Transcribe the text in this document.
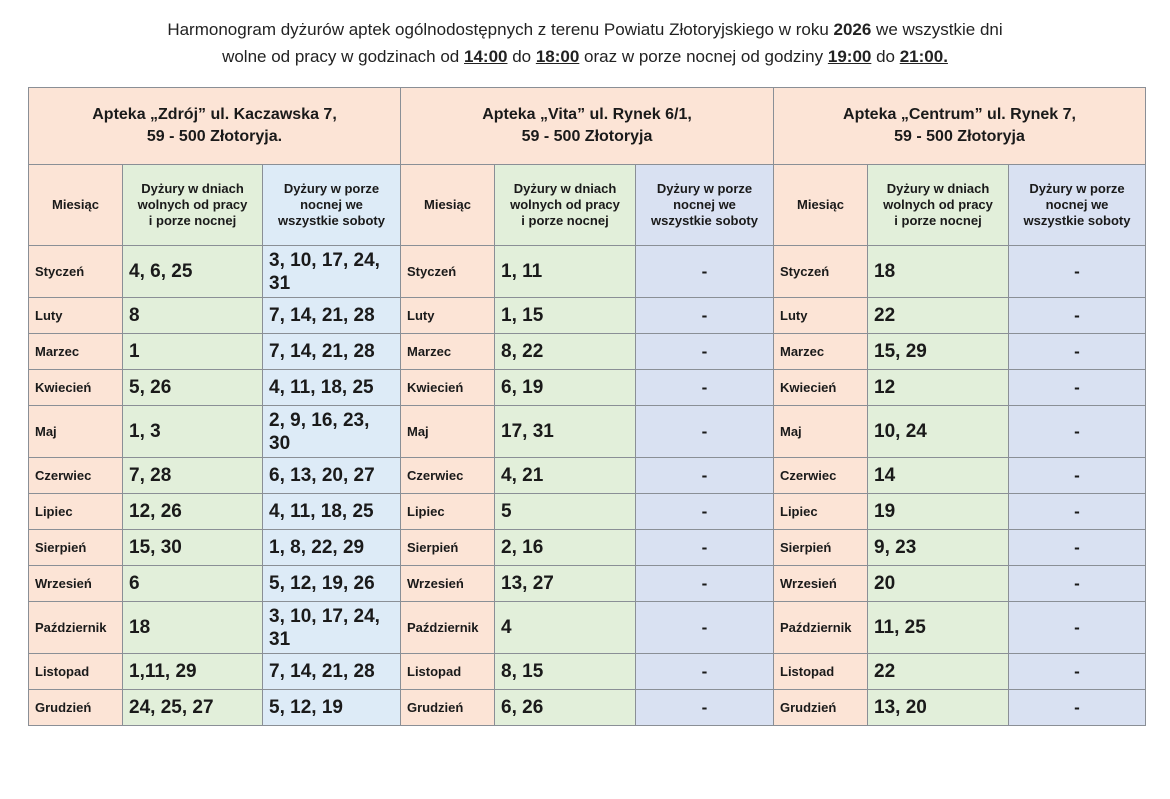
Harmonogram dyżurów aptek ogólnodostępnych z terenu Powiatu Złotoryjskiego w roku 2026 we wszystkie dni
wolne od pracy w godzinach od 14:00 do 18:00 oraz w porze nocnej od godziny 19:00 do 21:00.
Apteka „Zdrój” ul. Kaczawska 7,
59 - 500 Złotoryja.

Apteka „Vita” ul. Rynek 6/1,
59 - 500 Złotoryja

Apteka „Centrum” ul. Rynek 7,
59 - 500 Złotoryja

Miesiąc	
Dyżury w dniach
wolnych od pracy
i porze nocnej

Dyżury w porze
nocnej we
wszystkie soboty
	Miesiąc	
Dyżury w dniach
wolnych od pracy
i porze nocnej

Dyżury w porze
nocnej we
wszystkie soboty
	Miesiąc	
Dyżury w dniach
wolnych od pracy
i porze nocnej

Dyżury w porze
nocnej we
wszystkie soboty

Styczeń	4, 6, 25	3, 10, 17, 24, 31	Styczeń	1, 11	-	Styczeń	18	-
Luty	8	7, 14, 21, 28	Luty	1, 15	-	Luty	22	-
Marzec	1	7, 14, 21, 28	Marzec	8, 22	-	Marzec	15, 29	-
Kwiecień	5, 26	4, 11, 18, 25	Kwiecień	6, 19	-	Kwiecień	12	-
Maj	1, 3	2, 9, 16, 23, 30	Maj	17, 31	-	Maj	10, 24	-
Czerwiec	7, 28	6, 13, 20, 27	Czerwiec	4, 21	-	Czerwiec	14	-
Lipiec	12, 26	4, 11, 18, 25	Lipiec	5	-	Lipiec	19	-
Sierpień	15, 30	1, 8, 22, 29	Sierpień	2, 16	-	Sierpień	9, 23	-
Wrzesień	6	5, 12, 19, 26	Wrzesień	13, 27	-	Wrzesień	20	-
Październik	18	3, 10, 17, 24, 31	Październik	4	-	Październik	11, 25	-
Listopad	1,11, 29	7, 14, 21, 28	Listopad	8, 15	-	Listopad	22	-
Grudzień	24, 25, 27	5, 12, 19	Grudzień	6, 26	-	Grudzień	13, 20	-
